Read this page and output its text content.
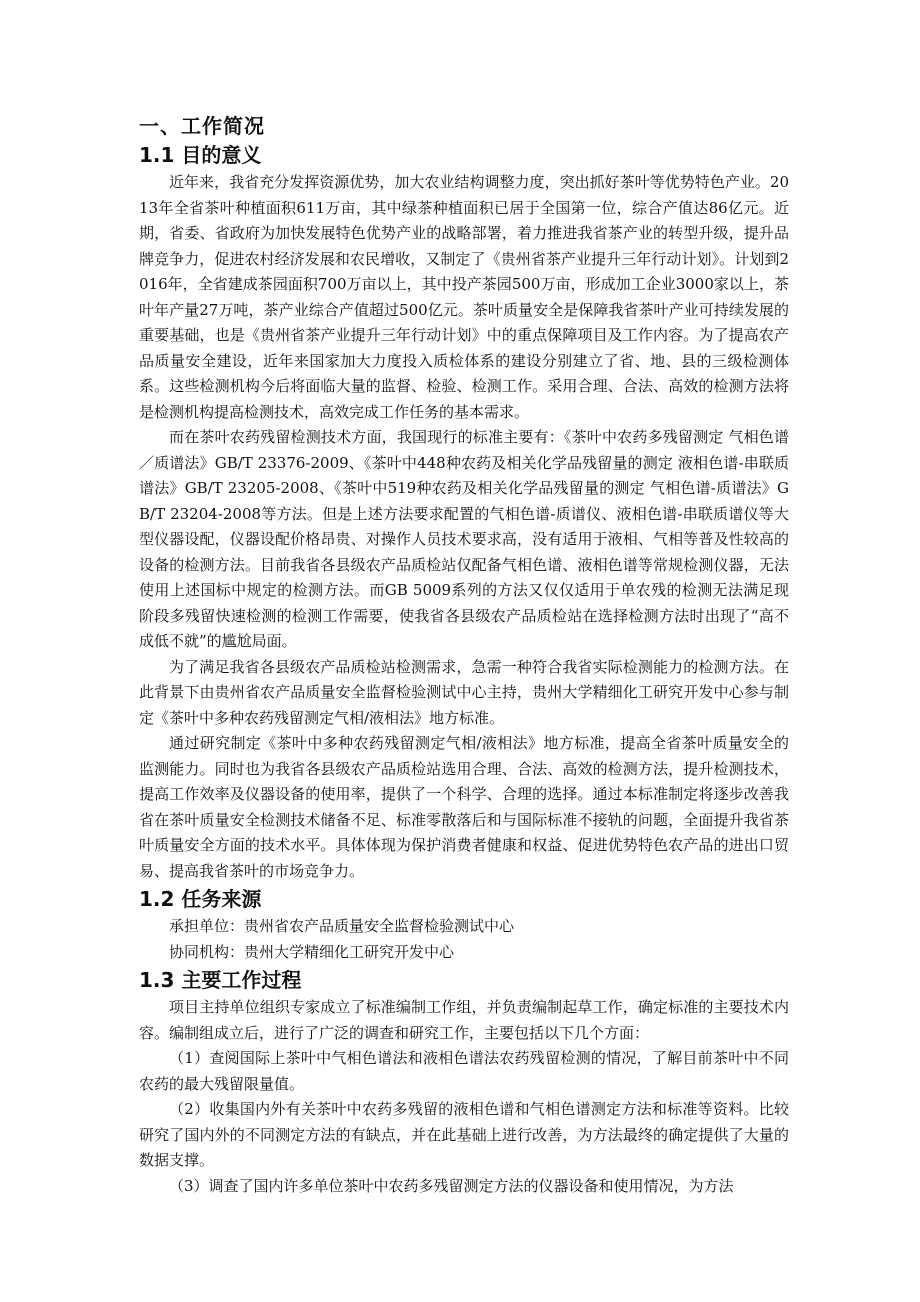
一、工作简况
1.1 目的意义

近年来，我省充分发挥资源优势，加大农业结构调整力度，突出抓好茶叶等优势特色产业。2013年全省茶叶种植面积611万亩，其中绿茶种植面积已居于全国第一位，综合产值达86亿元。近期，省委、省政府为加快发展特色优势产业的战略部署，着力推进我省茶产业的转型升级，提升品牌竞争力，促进农村经济发展和农民增收，又制定了《贵州省茶产业提升三年行动计划》。计划到2016年，全省建成茶园面积700万亩以上，其中投产茶园500万亩，形成加工企业3000家以上，茶叶年产量27万吨，茶产业综合产值超过500亿元。茶叶质量安全是保障我省茶叶产业可持续发展的重要基础，也是《贵州省茶产业提升三年行动计划》中的重点保障项目及工作内容。为了提高农产品质量安全建设，近年来国家加大力度投入质检体系的建设分别建立了省、地、县的三级检测体系。这些检测机构今后将面临大量的监督、检验、检测工作。采用合理、合法、高效的检测方法将是检测机构提高检测技术，高效完成工作任务的基本需求。

而在茶叶农药残留检测技术方面，我国现行的标准主要有：《茶叶中农药多残留测定 气相色谱／质谱法》GB/T 23376-2009、《茶叶中448种农药及相关化学品残留量的测定 液相色谱-串联质谱法》GB/T 23205-2008、《茶叶中519种农药及相关化学品残留量的测定 气相色谱-质谱法》GB/T 23204-2008等方法。但是上述方法要求配置的气相色谱-质谱仪、液相色谱-串联质谱仪等大型仪器设配，仪器设配价格昂贵、对操作人员技术要求高，没有适用于液相、气相等普及性较高的设备的检测方法。目前我省各县级农产品质检站仅配备气相色谱、液相色谱等常规检测仪器，无法使用上述国标中规定的检测方法。而GB 5009系列的方法又仅仅适用于单农残的检测无法满足现阶段多残留快速检测的检测工作需要，使我省各县级农产品质检站在选择检测方法时出现了“高不成低不就”的尴尬局面。

为了满足我省各县级农产品质检站检测需求，急需一种符合我省实际检测能力的检测方法。在此背景下由贵州省农产品质量安全监督检验测试中心主持，贵州大学精细化工研究开发中心参与制定《茶叶中多种农药残留测定气相/液相法》地方标准。

通过研究制定《茶叶中多种农药残留测定气相/液相法》地方标准，提高全省茶叶质量安全的监测能力。同时也为我省各县级农产品质检站选用合理、合法、高效的检测方法，提升检测技术，提高工作效率及仪器设备的使用率，提供了一个科学、合理的选择。通过本标准制定将逐步改善我省在茶叶质量安全检测技术储备不足、标准零散落后和与国际标准不接轨的问题，全面提升我省茶叶质量安全方面的技术水平。具体体现为保护消费者健康和权益、促进优势特色农产品的进出口贸易、提高我省茶叶的市场竞争力。

1.2 任务来源

承担单位：贵州省农产品质量安全监督检验测试中心

协同机构：贵州大学精细化工研究开发中心

1.3 主要工作过程

项目主持单位组织专家成立了标准编制工作组，并负责编制起草工作，确定标准的主要技术内容。编制组成立后，进行了广泛的调查和研究工作，主要包括以下几个方面：

（1）查阅国际上茶叶中气相色谱法和液相色谱法农药残留检测的情况，了解目前茶叶中不同农药的最大残留限量值。

（2）收集国内外有关茶叶中农药多残留的液相色谱和气相色谱测定方法和标准等资料。比较研究了国内外的不同测定方法的有缺点，并在此基础上进行改善，为方法最终的确定提供了大量的数据支撑。

（3）调查了国内许多单位茶叶中农药多残留测定方法的仪器设备和使用情况，为方法
